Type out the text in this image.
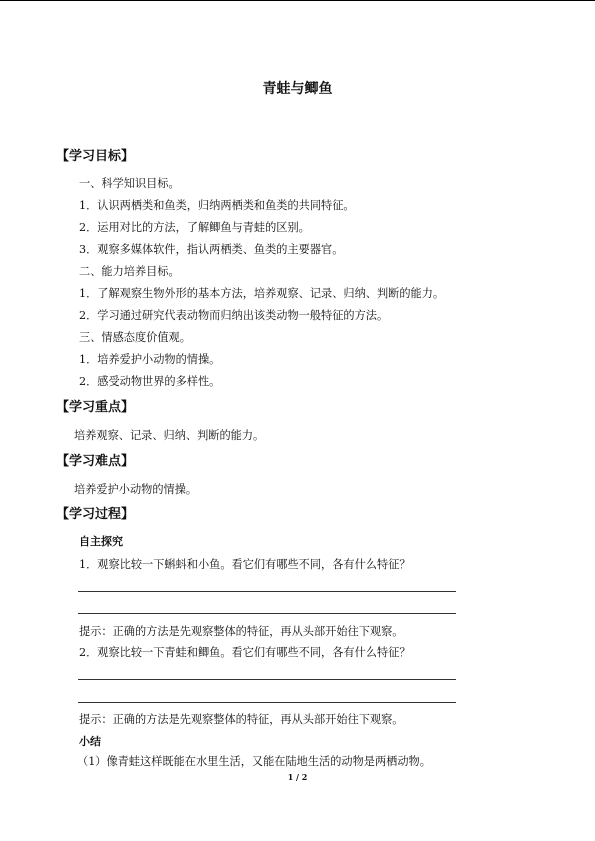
青蛙与鲫鱼
【学习目标】
一、科学知识目标。
1．认识两栖类和鱼类，归纳两栖类和鱼类的共同特征。
2．运用对比的方法，了解鲫鱼与青蛙的区别。
3．观察多媒体软件，指认两栖类、鱼类的主要器官。
二、能力培养目标。
1．了解观察生物外形的基本方法，培养观察、记录、归纳、判断的能力。
2．学习通过研究代表动物而归纳出该类动物一般特征的方法。
三、情感态度价值观。
1．培养爱护小动物的情操。
2．感受动物世界的多样性。
【学习重点】
培养观察、记录、归纳、判断的能力。
【学习难点】
培养爱护小动物的情操。
【学习过程】
自主探究
1．观察比较一下蝌蚪和小鱼。看它们有哪些不同，各有什么特征？
提示：正确的方法是先观察整体的特征，再从头部开始往下观察。
2．观察比较一下青蛙和鲫鱼。看它们有哪些不同，各有什么特征？
提示：正确的方法是先观察整体的特征，再从头部开始往下观察。
小结
（1）像青蛙这样既能在水里生活，又能在陆地生活的动物是两栖动物。
1 / 2
